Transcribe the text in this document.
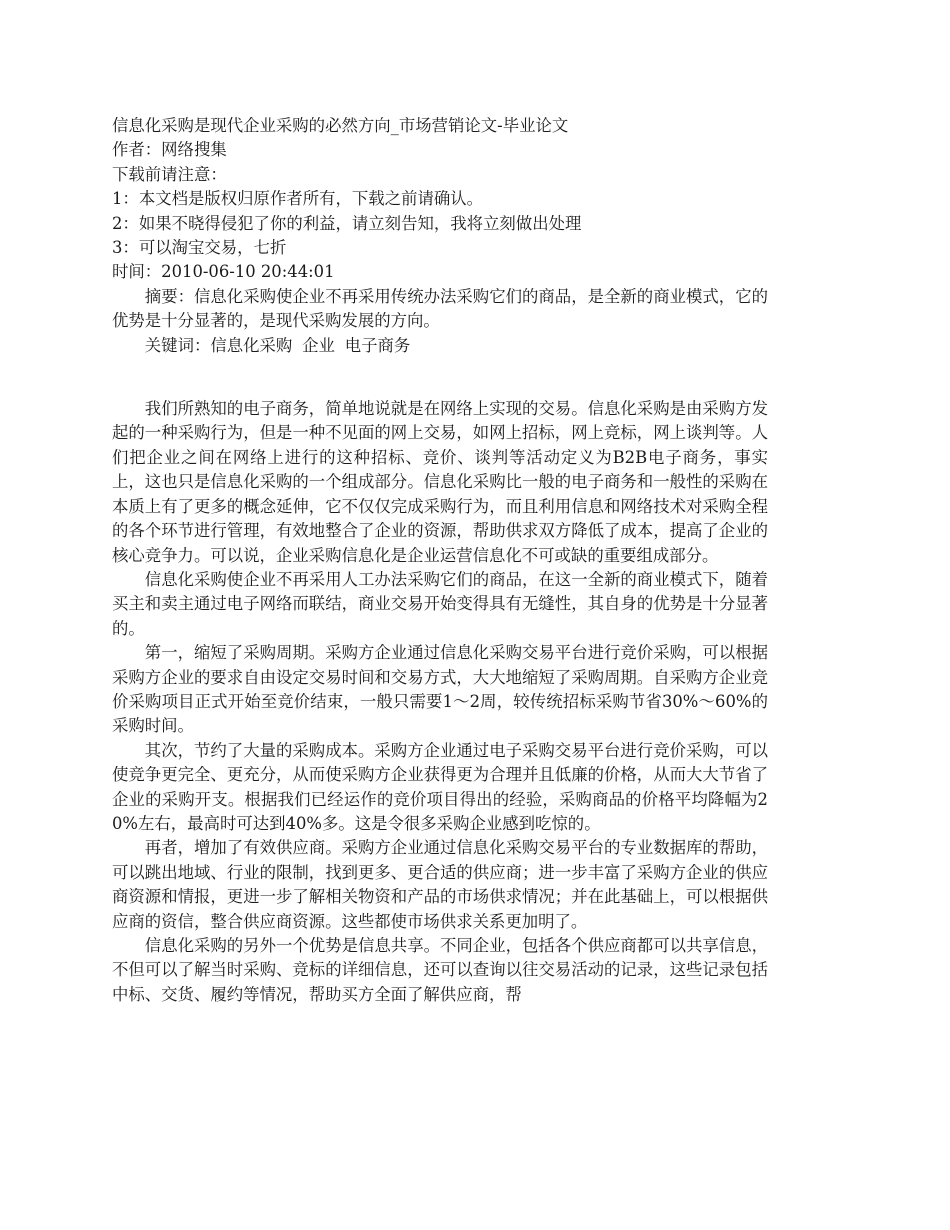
信息化采购是现代企业采购的必然方向_市场营销论文-毕业论文
作者：网络搜集
下载前请注意：
1：本文档是版权归原作者所有，下载之前请确认。
2：如果不晓得侵犯了你的利益，请立刻告知，我将立刻做出处理
3：可以淘宝交易，七折
时间：2010-06-10 20:44:01

摘要：信息化采购使企业不再采用传统办法采购它们的商品，是全新的商业模式，它的优势是十分显著的，是现代采购发展的方向。

关键词：信息化采购 企业 电子商务

我们所熟知的电子商务，简单地说就是在网络上实现的交易。信息化采购是由采购方发起的一种采购行为，但是一种不见面的网上交易，如网上招标，网上竞标，网上谈判等。人们把企业之间在网络上进行的这种招标、竞价、谈判等活动定义为B2B电子商务，事实上，这也只是信息化采购的一个组成部分。信息化采购比一般的电子商务和一般性的采购在本质上有了更多的概念延伸，它不仅仅完成采购行为，而且利用信息和网络技术对采购全程的各个环节进行管理，有效地整合了企业的资源，帮助供求双方降低了成本，提高了企业的核心竞争力。可以说，企业采购信息化是企业运营信息化不可或缺的重要组成部分。

信息化采购使企业不再采用人工办法采购它们的商品，在这一全新的商业模式下，随着买主和卖主通过电子网络而联结，商业交易开始变得具有无缝性，其自身的优势是十分显著的。

第一，缩短了采购周期。采购方企业通过信息化采购交易平台进行竞价采购，可以根据采购方企业的要求自由设定交易时间和交易方式，大大地缩短了采购周期。自采购方企业竞价采购项目正式开始至竞价结束，一般只需要1～2周，较传统招标采购节省30%～60%的采购时间。

其次，节约了大量的采购成本。采购方企业通过电子采购交易平台进行竞价采购，可以使竞争更完全、更充分，从而使采购方企业获得更为合理并且低廉的价格，从而大大节省了企业的采购开支。根据我们已经运作的竞价项目得出的经验，采购商品的价格平均降幅为20%左右，最高时可达到40%多。这是令很多采购企业感到吃惊的。

再者，增加了有效供应商。采购方企业通过信息化采购交易平台的专业数据库的帮助，可以跳出地域、行业的限制，找到更多、更合适的供应商；进一步丰富了采购方企业的供应商资源和情报，更进一步了解相关物资和产品的市场供求情况；并在此基础上，可以根据供应商的资信，整合供应商资源。这些都使市场供求关系更加明了。

信息化采购的另外一个优势是信息共享。不同企业，包括各个供应商都可以共享信息，不但可以了解当时采购、竞标的详细信息，还可以查询以往交易活动的记录，这些记录包括中标、交货、履约等情况，帮助买方全面了解供应商，帮
